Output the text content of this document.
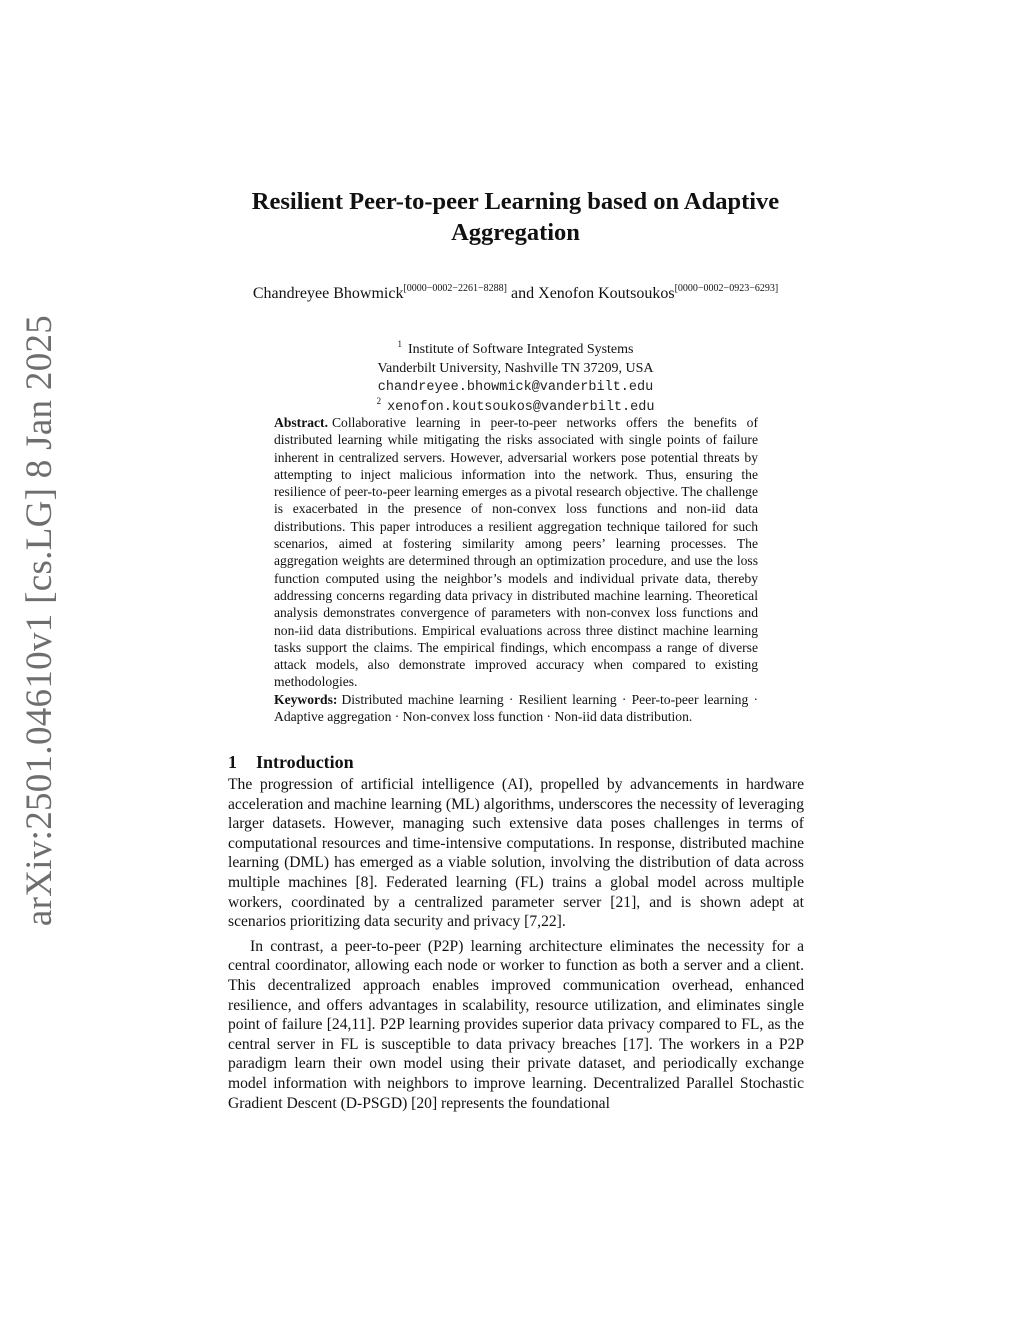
arXiv:2501.04610v1 [cs.LG] 8 Jan 2025
Resilient Peer-to-peer Learning based on Adaptive Aggregation
Chandreyee Bhowmick[0000−0002−2261−8288] and Xenofon Koutsoukos[0000−0002−0923−6293]
$^1$ Institute of Software Integrated Systems
Vanderbilt University, Nashville TN 37209, USA
chandreyee.bhowmick@vanderbilt.edu
$^2$ xenofon.koutsoukos@vanderbilt.edu

Abstract. Collaborative learning in peer-to-peer networks offers the benefits of distributed learning while mitigating the risks associated with single points of failure inherent in centralized servers. However, adversarial workers pose potential threats by attempting to inject malicious information into the network. Thus, ensuring the resilience of peer-to-peer learning emerges as a pivotal research objective. The challenge is exacerbated in the presence of non-convex loss functions and non-iid data distributions. This paper introduces a resilient aggregation technique tailored for such scenarios, aimed at fostering similarity among peers’ learning processes. The aggregation weights are determined through an optimization procedure, and use the loss function computed using the neighbor’s models and individual private data, thereby addressing concerns regarding data privacy in distributed machine learning. Theoretical analysis demonstrates convergence of parameters with non-convex loss functions and non-iid data distributions. Empirical evaluations across three distinct machine learning tasks support the claims. The empirical findings, which encompass a range of diverse attack models, also demonstrate improved accuracy when compared to existing methodologies.

Keywords: Distributed machine learning · Resilient learning · Peer-to-peer learning · Adaptive aggregation · Non-convex loss function · Non-iid data distribution.

1 Introduction

The progression of artificial intelligence (AI), propelled by advancements in hardware acceleration and machine learning (ML) algorithms, underscores the necessity of leveraging larger datasets. However, managing such extensive data poses challenges in terms of computational resources and time-intensive computations. In response, distributed machine learning (DML) has emerged as a viable solution, involving the distribution of data across multiple machines [8]. Federated learning (FL) trains a global model across multiple workers, coordinated by a centralized parameter server [21], and is shown adept at scenarios prioritizing data security and privacy [7,22].

In contrast, a peer-to-peer (P2P) learning architecture eliminates the necessity for a central coordinator, allowing each node or worker to function as both a server and a client. This decentralized approach enables improved communication overhead, enhanced resilience, and offers advantages in scalability, resource utilization, and eliminates single point of failure [24,11]. P2P learning provides superior data privacy compared to FL, as the central server in FL is susceptible to data privacy breaches [17]. The workers in a P2P paradigm learn their own model using their private dataset, and periodically exchange model information with neighbors to improve learning. Decentralized Parallel Stochastic Gradient Descent (D-PSGD) [20] represents the foundational
